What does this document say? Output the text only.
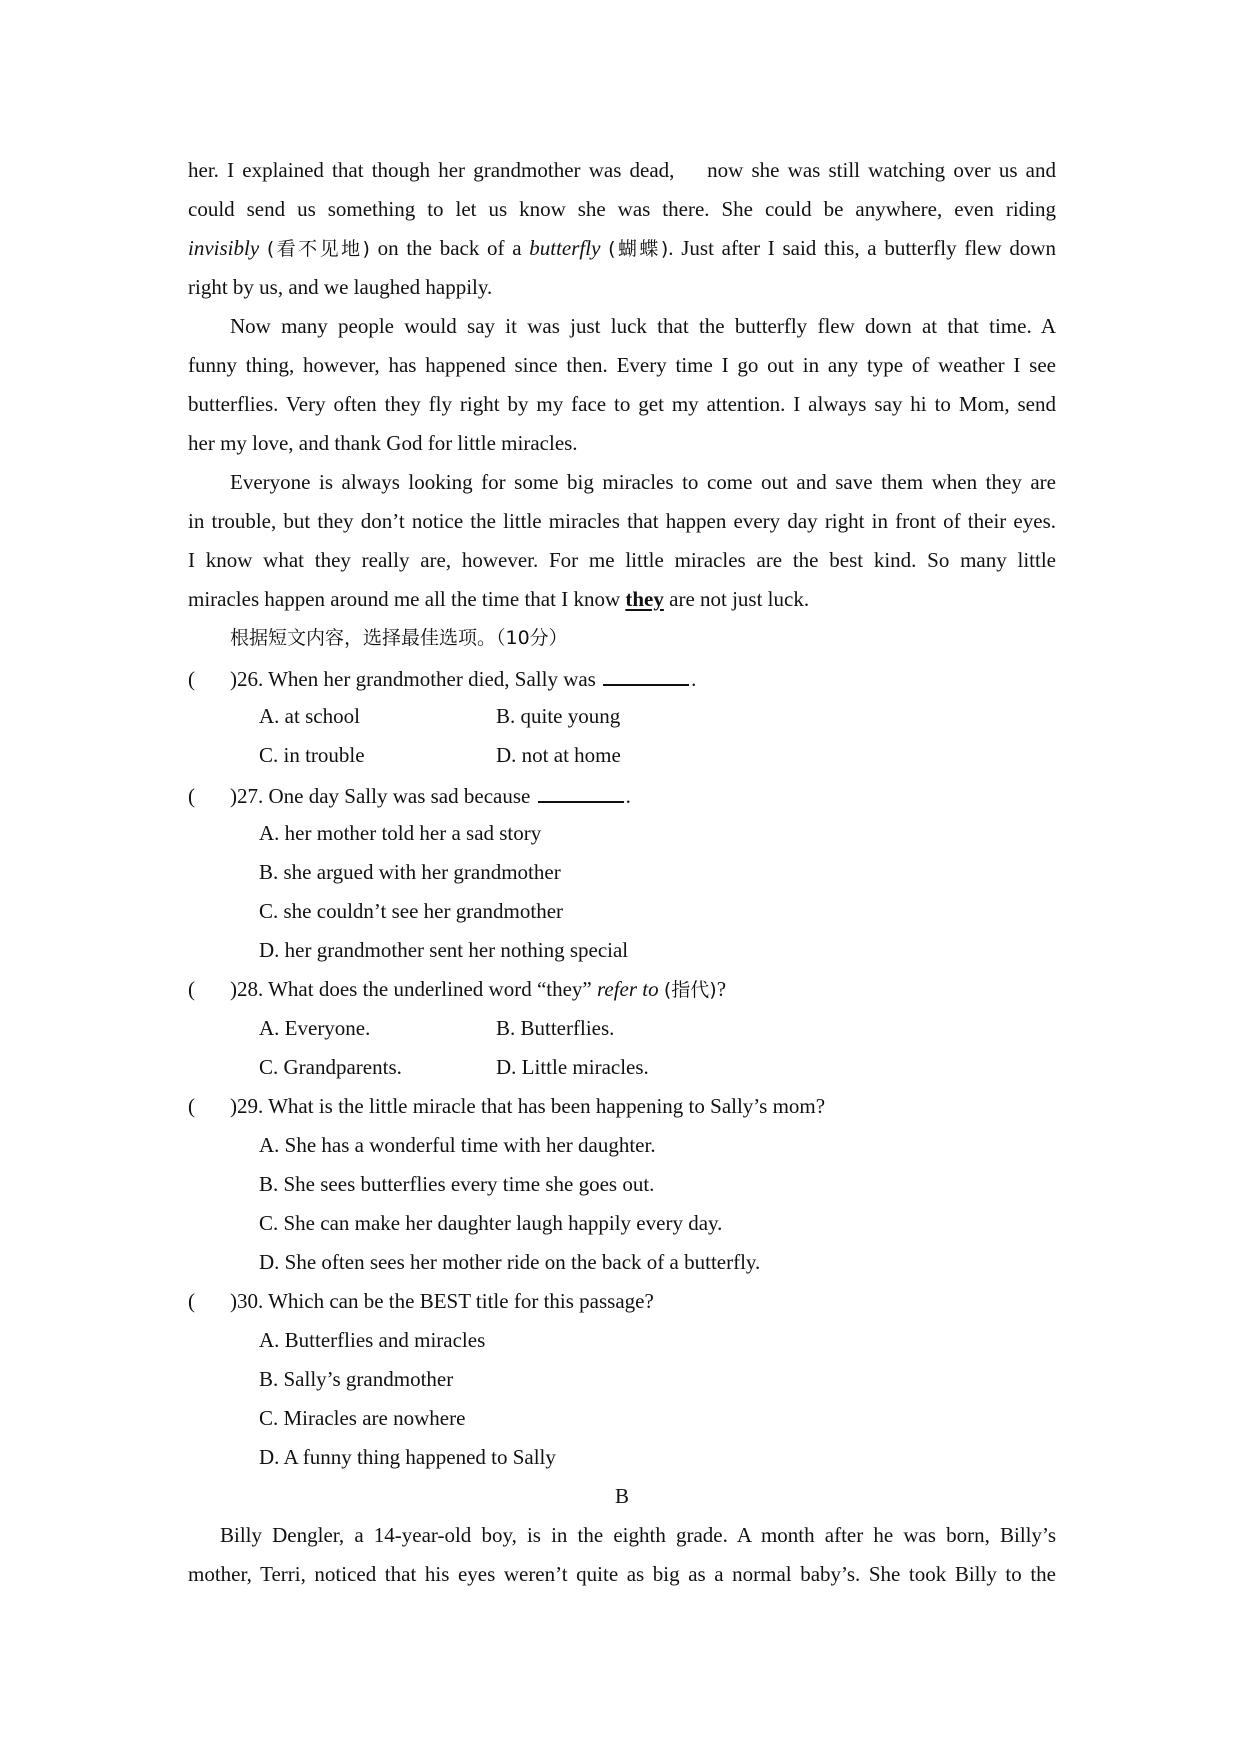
her. I explained that though her grandmother was dead,    now she was still watching over us and
could send us something to let us know she was there. She could be anywhere, even riding
invisibly (看不见地) on the back of a butterfly (蝴蝶). Just after I said this, a butterfly flew down
right by us, and we laughed happily.
Now many people would say it was just luck that the butterfly flew down at that time. A
funny thing, however, has happened since then. Every time I go out in any type of weather I see
butterflies. Very often they fly right by my face to get my attention. I always say hi to Mom, send
her my love, and thank God for little miracles.
Everyone is always looking for some big miracles to come out and save them when they are
in trouble, but they don’t notice the little miracles that happen every day right in front of their eyes.
I know what they really are, however. For me little miracles are the best kind. So many little
miracles happen around me all the time that I know they are not just luck.
根据短文内容，选择最佳选项。（10分）
( )26. When her grandmother died, Sally was	.
A. at school	B. quite young
C. in trouble	D. not at home
( )27. One day Sally was sad because	.
A. her mother told her a sad story
B. she argued with her grandmother
C. she couldn’t see her grandmother
D. her grandmother sent her nothing special
( )28. What does the underlined word “they” refer to (指代)?
A. Everyone.	B. Butterflies.
C. Grandparents.	D. Little miracles.
( )29. What is the little miracle that has been happening to Sally’s mom?
A. She has a wonderful time with her daughter.
B. She sees butterflies every time she goes out.
C. She can make her daughter laugh happily every day.
D. She often sees her mother ride on the back of a butterfly.
( )30. Which can be the BEST title for this passage?
A. Butterflies and miracles
B. Sally’s grandmother
C. Miracles are nowhere
D. A funny thing happened to Sally
B
Billy Dengler, a 14-year-old boy, is in the eighth grade. A month after he was born, Billy’s
mother, Terri, noticed that his eyes weren’t quite as big as a normal baby’s. She took Billy to the
